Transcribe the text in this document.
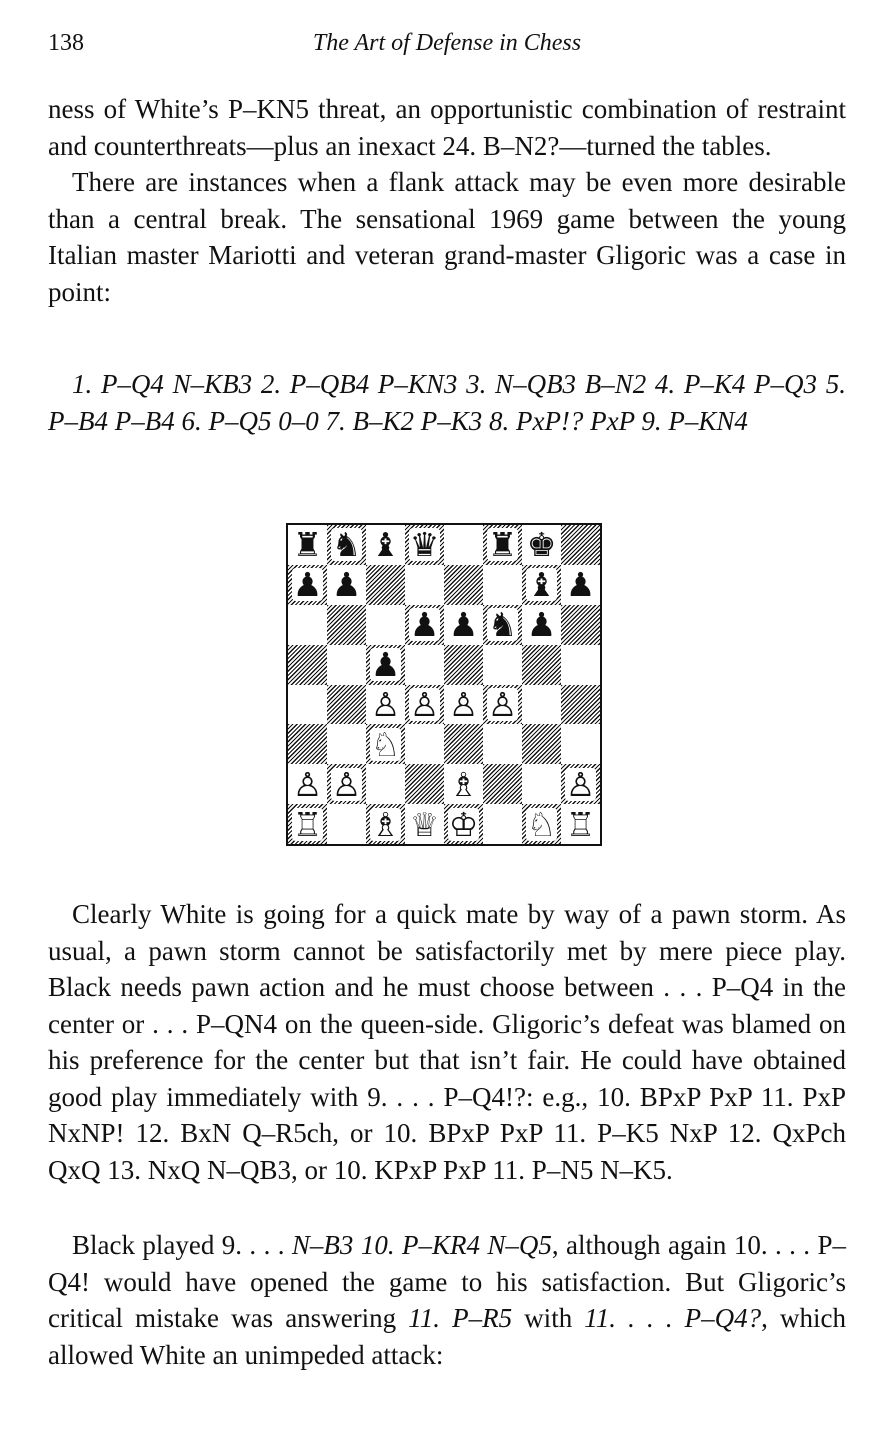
138	The Art of Defense in Chess
ness of White’s P–KN5 threat, an opportunistic combination of restraint and counterthreats—plus an inexact 24. B–N2?—turned the tables.
There are instances when a flank attack may be even more desirable than a central break. The sensational 1969 game between the young Italian master Mariotti and veteran grand-master Gligoric was a case in point:
1. P–Q4 N–KB3 2. P–QB4 P–KN3 3. N–QB3 B–N2 4. P–K4 P–Q3 5. P–B4 P–B4 6. P–Q5 0–0 7. B–K2 P–K3 8. PxP!? PxP 9. P–KN4
♜ ♞ ♝ ♛ ♜ ♚
♟ ♟	♝ ♟
♟ ♟ ♞ ♟
♟
♙ ♙ ♙ ♙
♘
♙ ♙	♗	♙
♖ ♗ ♕ ♔ ♘ ♖
Clearly White is going for a quick mate by way of a pawn storm. As usual, a pawn storm cannot be satisfactorily met by mere piece play. Black needs pawn action and he must choose between . . . P–Q4 in the center or . . . P–QN4 on the queen-side. Gligoric’s defeat was blamed on his preference for the center but that isn’t fair. He could have obtained good play immediately with 9. . . . P–Q4!?: e.g., 10. BPxP PxP 11. PxP NxNP! 12. BxN Q–R5ch, or 10. BPxP PxP 11. P–K5 NxP 12. QxPch QxQ 13. NxQ N–QB3, or 10. KPxP PxP 11. P–N5 N–K5.
Black played 9. . . . N–B3 10. P–KR4 N–Q5, although again 10. . . . P–Q4! would have opened the game to his satisfaction. But Gligoric’s critical mistake was answering 11. P–R5 with 11. . . . P–Q4?, which allowed White an unimpeded attack:
